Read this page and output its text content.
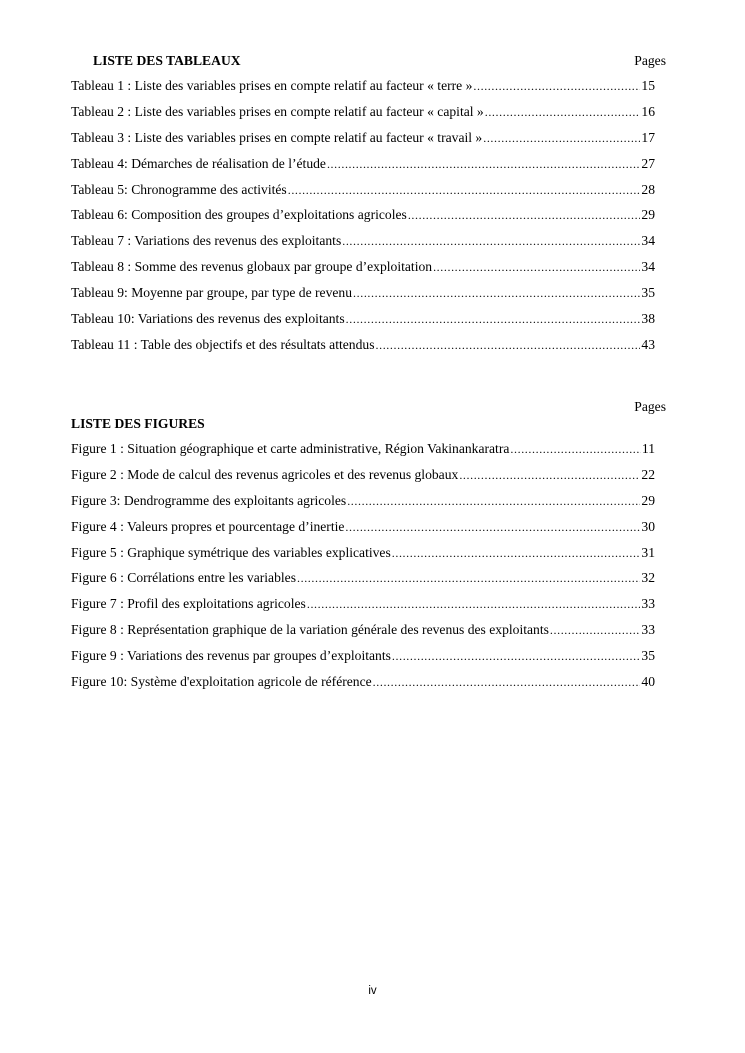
LISTE DES TABLEAUX	Pages
Tableau 1 : Liste des variables prises en compte relatif au facteur « terre » .....	15
Tableau 2 : Liste des variables prises en compte relatif au facteur « capital » .....	16
Tableau 3 : Liste des variables prises en compte relatif au facteur « travail » .....	17
Tableau 4: Démarches de réalisation de l’étude .....	27
Tableau 5: Chronogramme des activités .....	28
Tableau 6: Composition des groupes d’exploitations agricoles .....	29
Tableau 7 : Variations des revenus des exploitants .....	34
Tableau 8 : Somme des revenus globaux par groupe d’exploitation .....	34
Tableau 9: Moyenne par groupe, par type de revenu .....	35
Tableau 10: Variations des revenus des exploitants .....	38
Tableau 11 : Table des objectifs et des résultats attendus .....	43
Pages
LISTE DES FIGURES
Figure 1 : Situation géographique et carte administrative, Région Vakinankaratra .....	11
Figure 2 : Mode de calcul des revenus agricoles et des revenus globaux .....	22
Figure 3: Dendrogramme des exploitants agricoles .....	29
Figure 4 : Valeurs propres et pourcentage d’inertie .....	30
Figure 5 : Graphique symétrique des variables explicatives .....	31
Figure 6 : Corrélations entre les variables .....	32
Figure 7 : Profil des exploitations agricoles .....	33
Figure 8 : Représentation graphique de la variation générale des revenus des exploitants .....	33
Figure 9 : Variations des revenus par groupes d’exploitants .....	35
Figure 10: Système d'exploitation agricole de référence .....	40
iv
